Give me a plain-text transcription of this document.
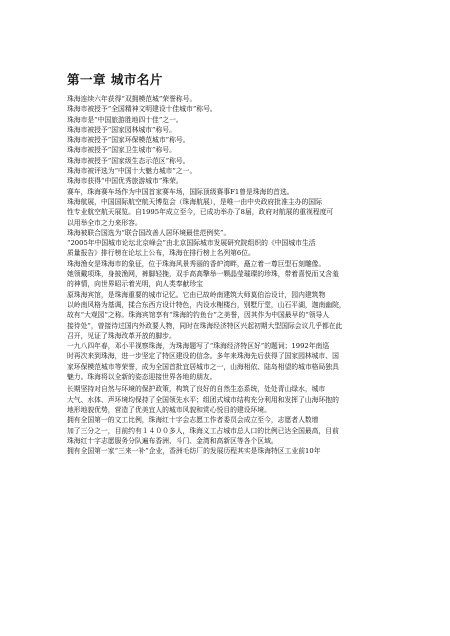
第一章 城市名片
珠海连续六年获得“双拥模范城”荣誉称号。
珠海市被授予“全国精神文明建设十佳城市”称号。
珠海市是“中国旅游胜地四十佳”之一。
珠海市被授予“国家园林城市”称号。
珠海市被授予“国家环保模范城市”称号。
珠海市被授予“国家卫生城市”称号。
珠海市被授予“国家级生态示范区”称号。
珠海市被评选为“中国十大魅力城市”之一。
珠海市获得“中国优秀旅游城市”殊荣。
赛车，珠海赛车场作为中国首家赛车场，国际顶级赛事F1曾是珠海的首选。
珠海航展，中国国际航空航天博览会（珠海航展），是唯一由中央政府批准主办的国际
性专业航空航天展览。自1995年成立至今，已成功举办了8届，政府对航展的重视程度可
以用举全市之力来形容。
珠海被联合国选为“联合国改善人居环境最佳范例奖”。
“2005年中国城市论坛北京峰会”由北京国际城市发展研究院组织的《中国城市生活
质量报告》排行榜在论坛上公布，珠海在排行榜上名列第6位。
珠海渔女是珠海市的象征，位于珠海风景秀丽的香炉湾畔，矗立着一尊巨型石刻雕像。
她领戴项珠，身披渔网，裤脚轻挽，双手高高擎举一颗晶莹璀璨的珍珠，带着喜悦而又含羞
的神情，向世界昭示着光明，向人类奉献珍宝
原珠海宾馆，是珠海重要的城市记忆。它由已故岭南建筑大师莫伯治设计，园内建筑物
以岭南风格为基调，揉合东西方设计特色，内设水榭楼台，别墅厅堂，山石平湖，迦南幽院，
故有“大观园”之称。珠海宾馆享有“珠海的钓鱼台”之美誉，因其作为中国最早的“领导人
接待处”，曾接待过国内外政要人物，同时在珠海经济特区兴起初期大型国际会议几乎都在此
召开，见证了珠海改革开放的脚步。
一九八四年春，邓小平视察珠海，为珠海题写了“珠海经济特区好”的题词；1992年南巡
时再次来到珠海，进一步坚定了特区建设的信念。多年来珠海先后获得了国家园林城市、国
家环保模范城市等荣誉，成为全国首批宜居城市之一，山海相依、陆岛相望的城市格局独具
魅力。珠海将以全新的姿态迎接世界各地的朋友。
长期坚持对自然与环境的保护政策，构筑了良好的自然生态系统，处处青山绿水，城市
大气、水体、声环境均保持了全国领先水平；组团式城市结构充分利用和发挥了山海环抱的
地形地貌优势，营造了优美宜人的城市风貌和赏心悦目的建设环境。
拥有全国第一的文工比例，珠海红十字会志愿工作者委员会成立至今，志愿者人数增
加了三分之一，目前约有１４００多人，珠海义工占城市总人口的比例已达全国最高，目前
珠海红十字志愿服务分队遍布香洲、斗门、金湾和高新区等各个区域。
拥有全国第一家“三来一补”企业，香洲毛纺厂的发展历程其实是珠海特区工业前10年
